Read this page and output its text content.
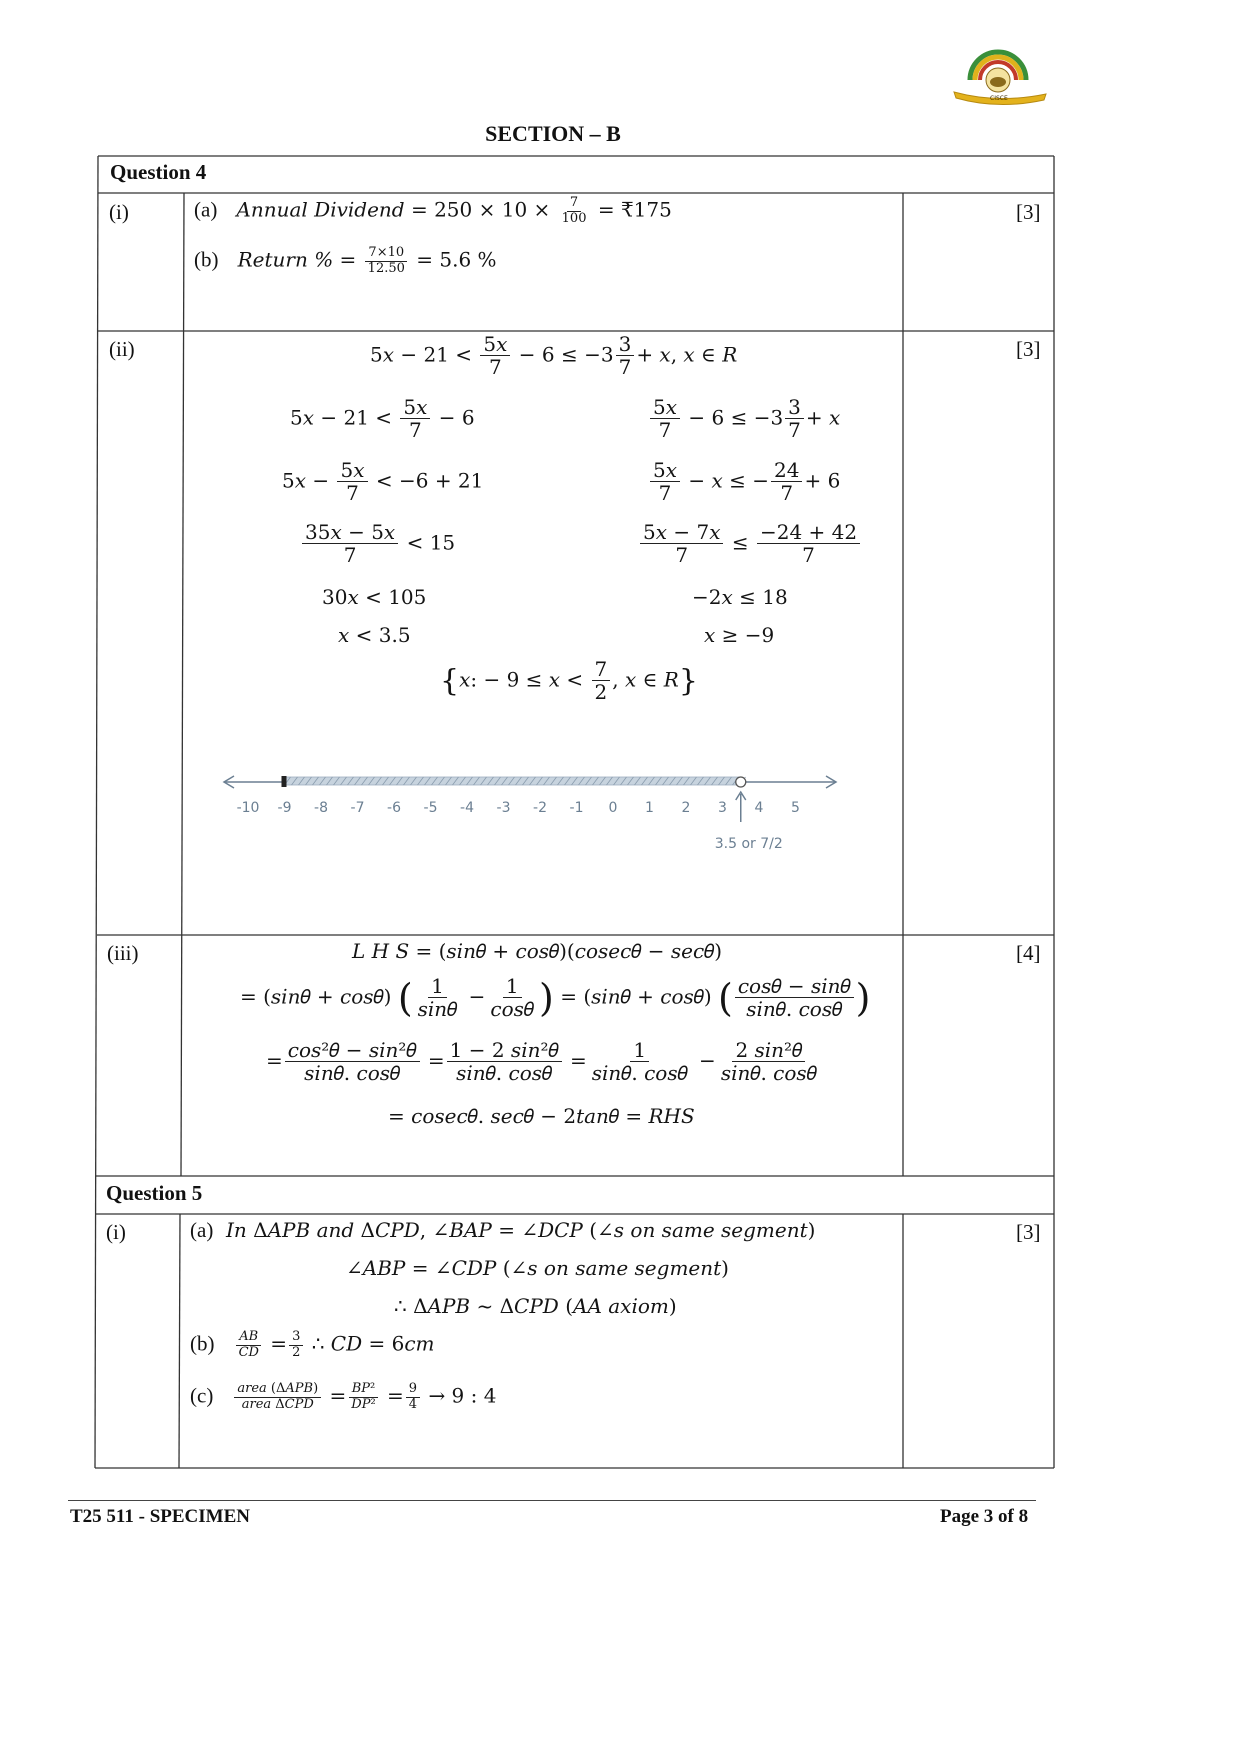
CISCE
SECTION – B
Question 4
(i)	[3]
(a) Annual Dividend = $250 \times 10 \times \frac{7}{100}$ = ₹175
(b) Return % = $\frac{7\times 10}{12.50} = 5.6$ %
(ii)	[3]
5𝑥 − $21 < \frac{\text{5𝑥}}{7} - 6 \le -3 \frac{3}{7}$ + 𝑥, 𝑥 ∈ 𝑅
5𝑥 − $21 < \frac{\text{5𝑥}}{7} - 6$
5𝑥 − $\frac{\text{5𝑥}}{7} < -6 + 21$
$\frac{\text{35𝑥 − 5𝑥}}{7} < 15$
30𝑥 < 105
𝑥 < 3.5
$\frac{\text{5𝑥}}{7} - 6 \le -3 \frac{3}{7}$ + 𝑥
$\frac{\text{5𝑥}}{7}$ − 𝑥 ≤ − $\frac{24}{7} + 6$
$\frac{\text{5𝑥 − 7𝑥}}{7} \le \frac{-24 + 42}{7}$
−2𝑥 ≤ 18
𝑥 ≥ −9
{𝑥: − 9 ≤ 𝑥 < $\frac{7}{2}$ , 𝑥 ∈ 𝑅}
-10 -9 -8 -7 -6 -5 -4 -3 -2 -1 0 1 2 3 4 5
3.5 or 7/2
(iii)	[4]
𝐿 𝐻 𝑆 = (𝑠𝑖𝑛𝜃 + 𝑐𝑜𝑠𝜃)(𝑐𝑜𝑠𝑒𝑐𝜃 − 𝑠𝑒𝑐𝜃)
= (𝑠𝑖𝑛𝜃 + 𝑐𝑜𝑠𝜃) ( $\frac{1}{\text{𝑠𝑖𝑛𝜃}} - \frac{1}{\text{𝑐𝑜𝑠𝜃}}$ ) = (𝑠𝑖𝑛𝜃 + 𝑐𝑜𝑠𝜃) ( $\frac{\text{𝑐𝑜𝑠𝜃 − 𝑠𝑖𝑛𝜃}}{\text{𝑠𝑖𝑛𝜃. 𝑐𝑜𝑠𝜃}}$ )
= $\frac{\text{𝑐𝑜𝑠²𝜃 − 𝑠𝑖𝑛²𝜃}}{\text{𝑠𝑖𝑛𝜃. 𝑐𝑜𝑠𝜃}} = \frac{\text{1 − 2 𝑠𝑖𝑛²𝜃}}{\text{𝑠𝑖𝑛𝜃. 𝑐𝑜𝑠𝜃}} = \frac{1}{\text{𝑠𝑖𝑛𝜃. 𝑐𝑜𝑠𝜃}} - \frac{\text{2 𝑠𝑖𝑛²𝜃}}{\text{𝑠𝑖𝑛𝜃. 𝑐𝑜𝑠𝜃}}$
= 𝑐𝑜𝑠𝑒𝑐𝜃. 𝑠𝑒𝑐𝜃 − 2𝑡𝑎𝑛𝜃 = 𝑅𝐻𝑆
Question 5
(i)	[3]
(a) 𝐼𝑛 Δ𝐴𝑃𝐵 𝑎𝑛𝑑 Δ𝐶𝑃𝐷, ∠𝐵𝐴𝑃 = ∠𝐷𝐶𝑃 (∠𝑠 𝑜𝑛 𝑠𝑎𝑚𝑒 𝑠𝑒𝑔𝑚𝑒𝑛𝑡)
∠𝐴𝐵𝑃 = ∠𝐶𝐷𝑃 (∠𝑠 𝑜𝑛 𝑠𝑎𝑚𝑒 𝑠𝑒𝑔𝑚𝑒𝑛𝑡)
∴ Δ𝐴𝑃𝐵 ~ Δ𝐶𝑃𝐷 (𝐴𝐴 𝑎𝑥𝑖𝑜𝑚)
$(b) \frac{\text{𝐴𝐵}}{\text{𝐶𝐷}} = \frac{3}{2}$ ∴ 𝐶𝐷 = 6𝑐𝑚
$(c) \frac{\text{𝑎𝑟𝑒𝑎 (Δ𝐴𝑃𝐵)}}{\text{𝑎𝑟𝑒𝑎 Δ𝐶𝑃𝐷}} = \frac{\text{𝐵𝑃²}}{\text{𝐷𝑃²}} = \frac{9}{4} \to 9$ : 4
T25 511 - SPECIMEN	Page 3 of 8
